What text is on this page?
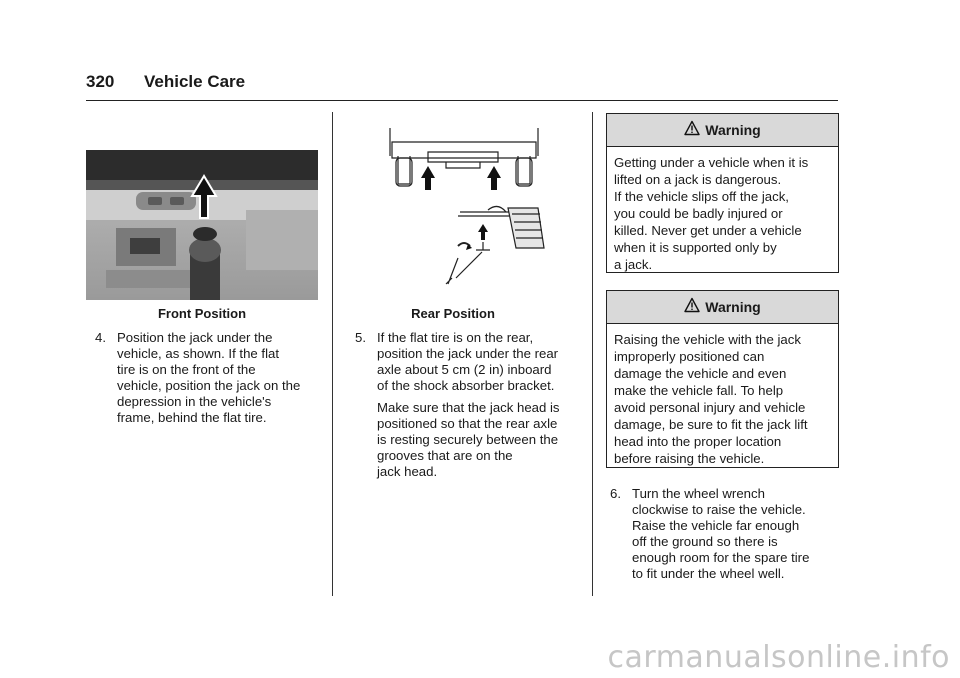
320 Vehicle Care
Front Position
4. Position the jack under the
vehicle, as shown. If the flat
tire is on the front of the
vehicle, position the jack on the
depression in the vehicle's
frame, behind the flat tire.
Rear Position
5. If the flat tire is on the rear,
position the jack under the rear
axle about 5 cm (2 in) inboard
of the shock absorber bracket.
Make sure that the jack head is
positioned so that the rear axle
is resting securely between the
grooves that are on the
jack head.
Warning
Getting under a vehicle when it is
lifted on a jack is dangerous.
If the vehicle slips off the jack,
you could be badly injured or
killed. Never get under a vehicle
when it is supported only by
a jack.
Warning
Raising the vehicle with the jack
improperly positioned can
damage the vehicle and even
make the vehicle fall. To help
avoid personal injury and vehicle
damage, be sure to fit the jack lift
head into the proper location
before raising the vehicle.
6. Turn the wheel wrench
clockwise to raise the vehicle.
Raise the vehicle far enough
off the ground so there is
enough room for the spare tire
to fit under the wheel well.
carmanualsonline.info
